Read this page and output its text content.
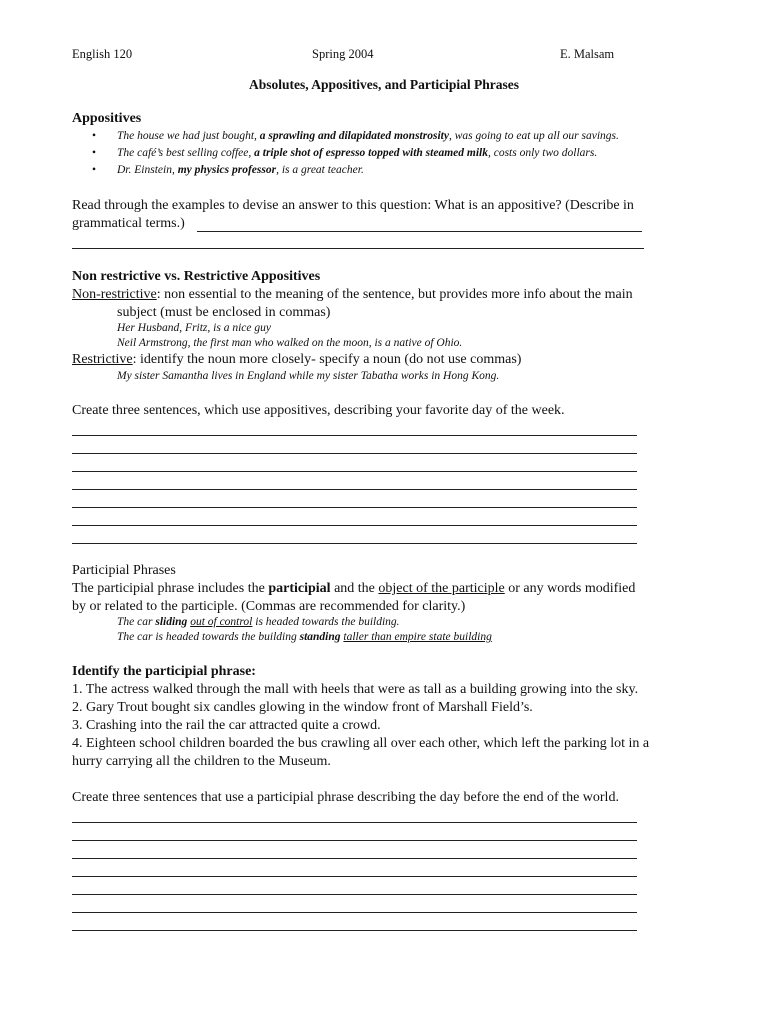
English 120	Spring 2004	E. Malsam
Absolutes, Appositives, and Participial Phrases
Appositives
• The house we had just bought, a sprawling and dilapidated monstrosity, was going to eat up all our savings.
• The café’s best selling coffee, a triple shot of espresso topped with steamed milk, costs only two dollars.
• Dr. Einstein, my physics professor, is a great teacher.
Read through the examples to devise an answer to this question: What is an appositive? (Describe in
grammatical terms.)
Non restrictive vs. Restrictive Appositives
Non-restrictive: non essential to the meaning of the sentence, but provides more info about the main
subject (must be enclosed in commas)
Her Husband, Fritz, is a nice guy
Neil Armstrong, the first man who walked on the moon, is a native of Ohio.
Restrictive: identify the noun more closely- specify a noun (do not use commas)
My sister Samantha lives in England while my sister Tabatha works in Hong Kong.
Create three sentences, which use appositives, describing your favorite day of the week.
Participial Phrases
The participial phrase includes the participial and the object of the participle or any words modified
by or related to the participle. (Commas are recommended for clarity.)
The car sliding out of control is headed towards the building.
The car is headed towards the building standing taller than empire state building
Identify the participial phrase:
1. The actress walked through the mall with heels that were as tall as a building growing into the sky.
2. Gary Trout bought six candles glowing in the window front of Marshall Field’s.
3. Crashing into the rail the car attracted quite a crowd.
4. Eighteen school children boarded the bus crawling all over each other, which left the parking lot in a
hurry carrying all the children to the Museum.
Create three sentences that use a participial phrase describing the day before the end of the world.
